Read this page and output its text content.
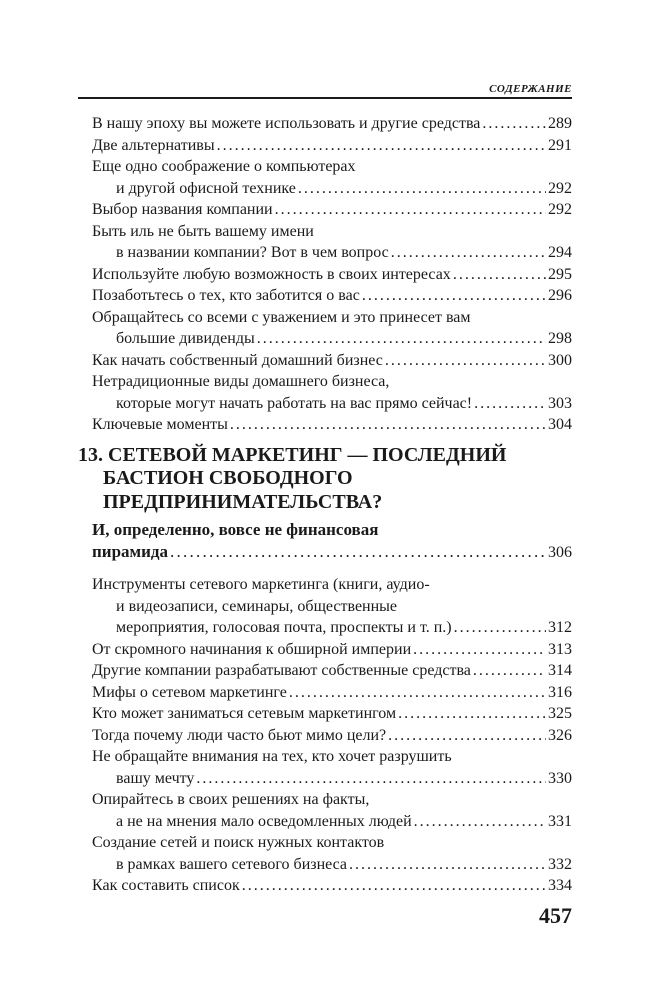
СОДЕРЖАНИЕ
В нашу эпоху вы можете использовать и другие средства . . .	289
Две альтернативы . . .	291
Еще одно соображение о компьютерах
и другой офисной технике . . .	292
Выбор названия компании . . .	292
Быть иль не быть вашему имени
в названии компании? Вот в чем вопрос . . .	294
Используйте любую возможность в своих интересах . . .	295
Позаботьтесь о тех, кто заботится о вас . . .	296
Обращайтесь со всеми с уважением и это принесет вам
большие дивиденды . . .	298
Как начать собственный домашний бизнес . . .	300
Нетрадиционные виды домашнего бизнеса,
которые могут начать работать на вас прямо сейчас! . . .	303
Ключевые моменты . . .	304
13. СЕТЕВОЙ МАРКЕТИНГ — ПОСЛЕДНИЙ
БАСТИОН СВОБОДНОГО
ПРЕДПРИНИМАТЕЛЬСТВА?
И, определенно, вовсе не финансовая
пирамида . . .	306
Инструменты сетевого маркетинга (книги, аудио-
и видеозаписи, семинары, общественные
мероприятия, голосовая почта, проспекты и т. п.) . . .	312
От скромного начинания к обширной империи . . .	313
Другие компании разрабатывают собственные средства . . .	314
Мифы о сетевом маркетинге . . .	316
Кто может заниматься сетевым маркетингом . . .	325
Тогда почему люди часто бьют мимо цели? . . .	326
Не обращайте внимания на тех, кто хочет разрушить
вашу мечту . . .	330
Опирайтесь в своих решениях на факты,
а не на мнения мало осведомленных людей . . .	331
Создание сетей и поиск нужных контактов
в рамках вашего сетевого бизнеса . . .	332
Как составить список . . .	334
457
